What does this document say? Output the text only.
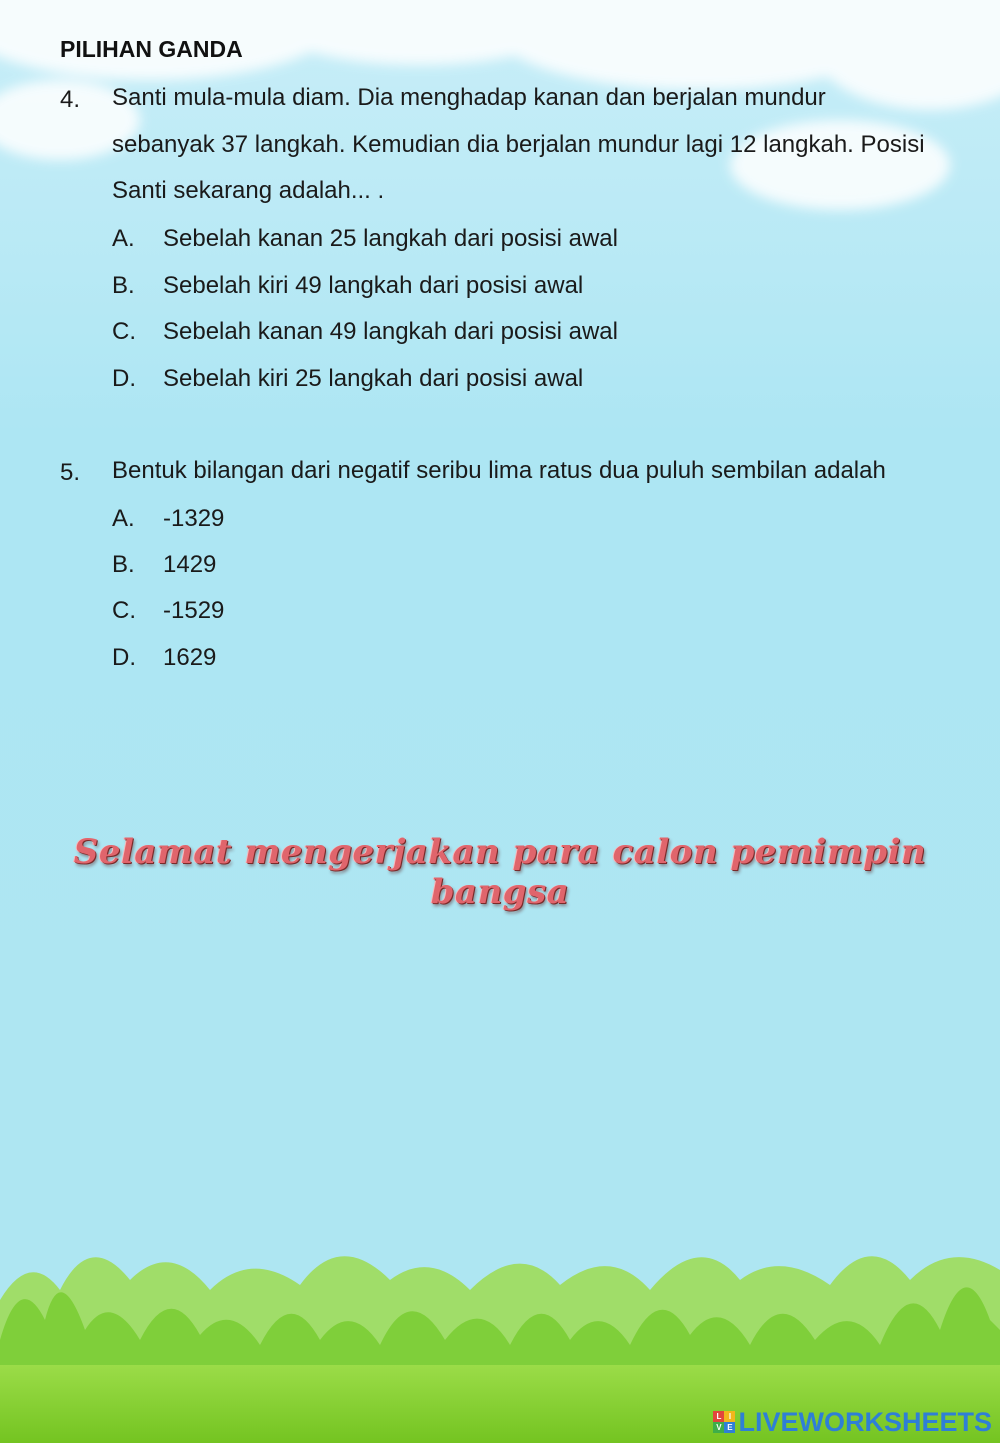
PILIHAN GANDA
4. Santi mula-mula diam. Dia menghadap kanan dan berjalan mundur sebanyak 37 langkah. Kemudian dia berjalan mundur lagi 12 langkah. Posisi Santi sekarang adalah... .
A. Sebelah kanan 25 langkah dari posisi awal
B. Sebelah kiri 49 langkah dari posisi awal
C. Sebelah kanan 49 langkah dari posisi awal
D. Sebelah kiri 25 langkah dari posisi awal
5. Bentuk bilangan dari negatif seribu lima ratus dua puluh sembilan adalah
A. -1329
B. 1429
C. -1529
D. 1629
Selamat mengerjakan para calon pemimpin bangsa
L I
V E LIVEWORKSHEETS
